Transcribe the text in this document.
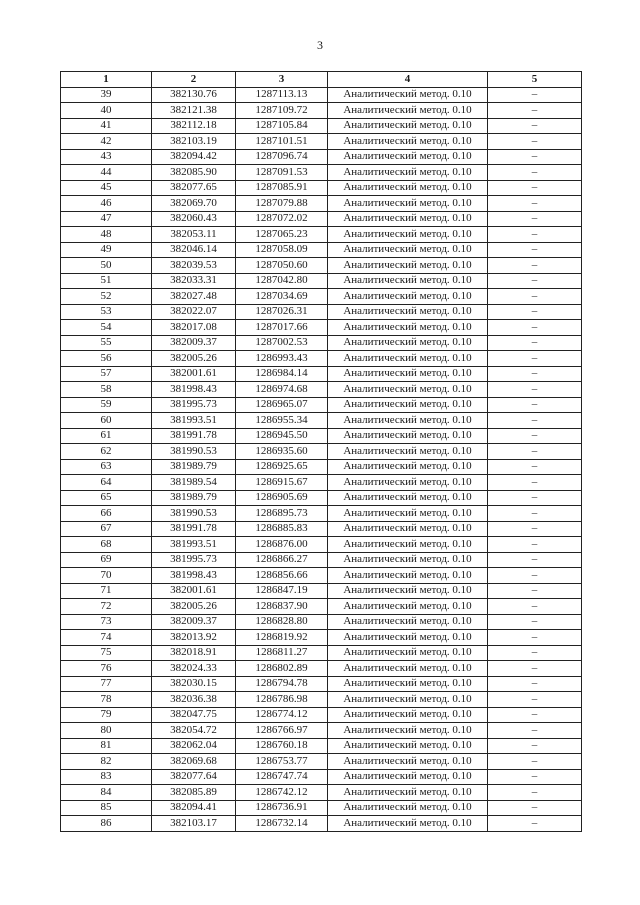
3
1	2	3	4	5
39	382130.76	1287113.13	Аналитический метод. 0.10	–
40	382121.38	1287109.72	Аналитический метод. 0.10	–
41	382112.18	1287105.84	Аналитический метод. 0.10	–
42	382103.19	1287101.51	Аналитический метод. 0.10	–
43	382094.42	1287096.74	Аналитический метод. 0.10	–
44	382085.90	1287091.53	Аналитический метод. 0.10	–
45	382077.65	1287085.91	Аналитический метод. 0.10	–
46	382069.70	1287079.88	Аналитический метод. 0.10	–
47	382060.43	1287072.02	Аналитический метод. 0.10	–
48	382053.11	1287065.23	Аналитический метод. 0.10	–
49	382046.14	1287058.09	Аналитический метод. 0.10	–
50	382039.53	1287050.60	Аналитический метод. 0.10	–
51	382033.31	1287042.80	Аналитический метод. 0.10	–
52	382027.48	1287034.69	Аналитический метод. 0.10	–
53	382022.07	1287026.31	Аналитический метод. 0.10	–
54	382017.08	1287017.66	Аналитический метод. 0.10	–
55	382009.37	1287002.53	Аналитический метод. 0.10	–
56	382005.26	1286993.43	Аналитический метод. 0.10	–
57	382001.61	1286984.14	Аналитический метод. 0.10	–
58	381998.43	1286974.68	Аналитический метод. 0.10	–
59	381995.73	1286965.07	Аналитический метод. 0.10	–
60	381993.51	1286955.34	Аналитический метод. 0.10	–
61	381991.78	1286945.50	Аналитический метод. 0.10	–
62	381990.53	1286935.60	Аналитический метод. 0.10	–
63	381989.79	1286925.65	Аналитический метод. 0.10	–
64	381989.54	1286915.67	Аналитический метод. 0.10	–
65	381989.79	1286905.69	Аналитический метод. 0.10	–
66	381990.53	1286895.73	Аналитический метод. 0.10	–
67	381991.78	1286885.83	Аналитический метод. 0.10	–
68	381993.51	1286876.00	Аналитический метод. 0.10	–
69	381995.73	1286866.27	Аналитический метод. 0.10	–
70	381998.43	1286856.66	Аналитический метод. 0.10	–
71	382001.61	1286847.19	Аналитический метод. 0.10	–
72	382005.26	1286837.90	Аналитический метод. 0.10	–
73	382009.37	1286828.80	Аналитический метод. 0.10	–
74	382013.92	1286819.92	Аналитический метод. 0.10	–
75	382018.91	1286811.27	Аналитический метод. 0.10	–
76	382024.33	1286802.89	Аналитический метод. 0.10	–
77	382030.15	1286794.78	Аналитический метод. 0.10	–
78	382036.38	1286786.98	Аналитический метод. 0.10	–
79	382047.75	1286774.12	Аналитический метод. 0.10	–
80	382054.72	1286766.97	Аналитический метод. 0.10	–
81	382062.04	1286760.18	Аналитический метод. 0.10	–
82	382069.68	1286753.77	Аналитический метод. 0.10	–
83	382077.64	1286747.74	Аналитический метод. 0.10	–
84	382085.89	1286742.12	Аналитический метод. 0.10	–
85	382094.41	1286736.91	Аналитический метод. 0.10	–
86	382103.17	1286732.14	Аналитический метод. 0.10	–
